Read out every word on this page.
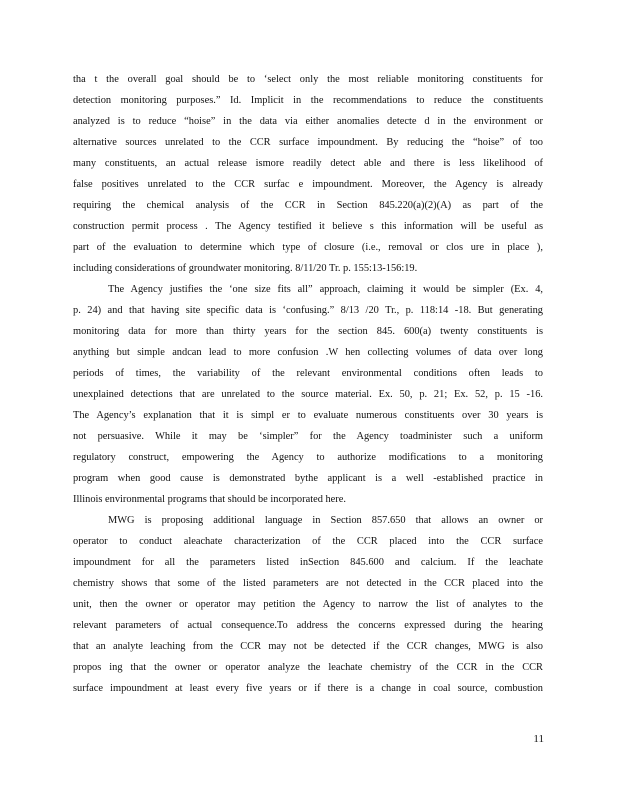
tha t the overall goal should be to ‘select only the most reliable monitoring constituents for
detection monitoring purposes.” Id. Implicit in the recommendations to reduce the constituents
analyzed is to reduce “hoise” in the data via either anomalies detecte d in the environment or
alternative sources unrelated to the CCR surface impoundment. By reducing the “hoise” of too
many constituents, an actual release ismore readily detect able and there is less likelihood of
false positives unrelated to the CCR surfac e impoundment. Moreover, the Agency is already
requiring the chemical analysis of the CCR in Section 845.220(a)(2)(A) as part of the
construction permit process . The Agency testified it believe s this information will be useful as
part of the evaluation to determine which type of closure (i.e., removal or clos ure in place ),
including considerations of groundwater monitoring. 8/11/20 Tr. p. 155:13-156:19.
The Agency justifies the ‘one size fits all” approach, claiming it would be simpler (Ex. 4,
p. 24) and that having site specific data is ‘confusing.” 8/13 /20 Tr., p. 118:14 -18. But generating
monitoring data for more than thirty years for the section 845. 600(a) twenty constituents is
anything but simple andcan lead to more confusion .W hen collecting volumes of data over long
periods of times, the variability of the relevant environmental conditions often leads to
unexplained detections that are unrelated to the source material. Ex. 50, p. 21; Ex. 52, p. 15 -16.
The Agency’s explanation that it is simpl er to evaluate numerous constituents over 30 years is
not persuasive. While it may be ‘simpler” for the Agency toadminister such a uniform
regulatory construct, empowering the Agency to authorize modifications to a monitoring
program when good cause is demonstrated bythe applicant is a well -established practice in
Illinois environmental programs that should be incorporated here.
MWG is proposing additional language in Section 857.650 that allows an owner or
operator to conduct aleachate characterization of the CCR placed into the CCR surface
impoundment for all the parameters listed inSection 845.600 and calcium. If the leachate
chemistry shows that some of the listed parameters are not detected in the CCR placed into the
unit, then the owner or operator may petition the Agency to narrow the list of analytes to the
relevant parameters of actual consequence.To address the concerns expressed during the hearing
that an analyte leaching from the CCR may not be detected if the CCR changes, MWG is also
propos ing that the owner or operator analyze the leachate chemistry of the CCR in the CCR
surface impoundment at least every five years or if there is a change in coal source, combustion
11
